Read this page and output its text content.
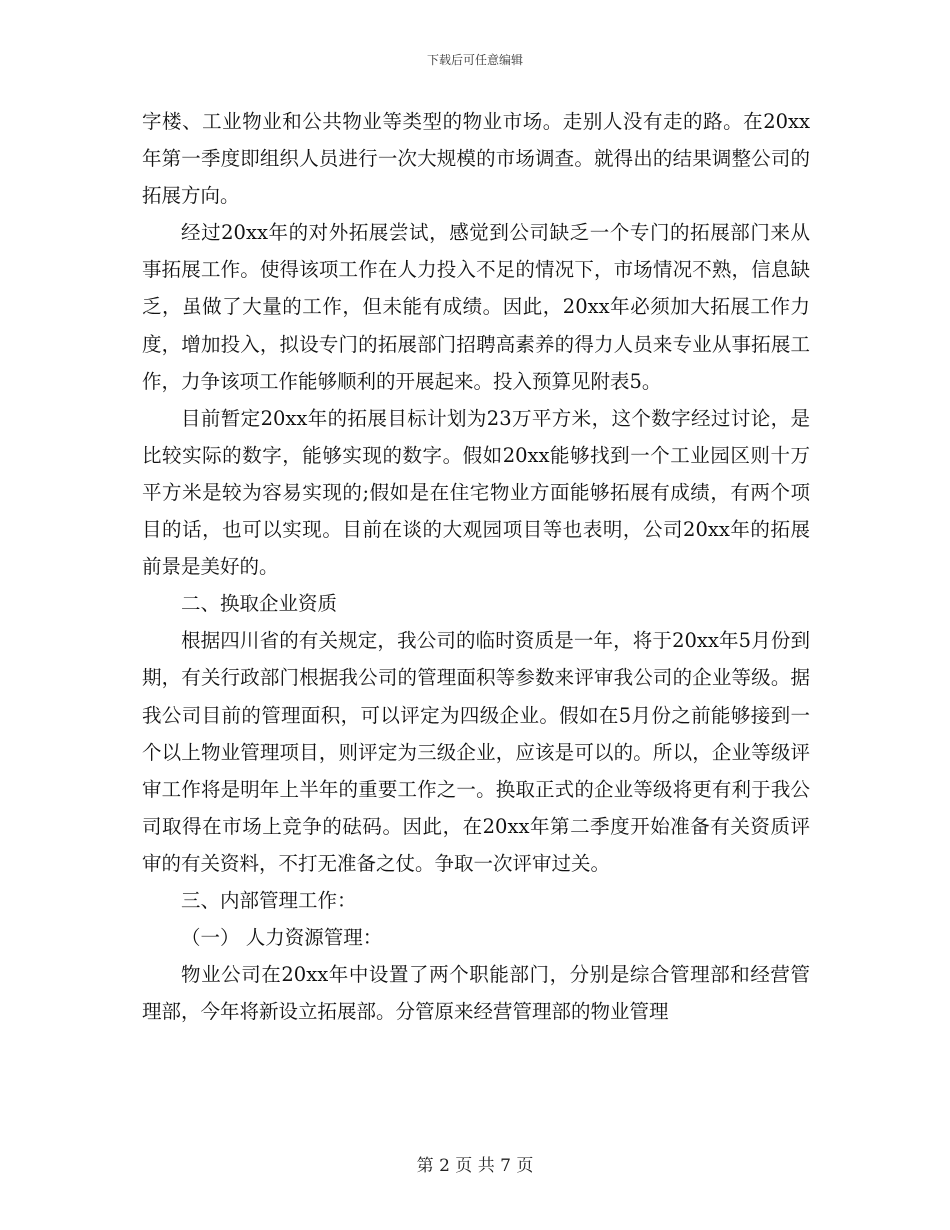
下载后可任意编辑

字楼、工业物业和公共物业等类型的物业市场。走别人没有走的路。在20xx年第一季度即组织人员进行一次大规模的市场调查。就得出的结果调整公司的拓展方向。

经过20xx年的对外拓展尝试，感觉到公司缺乏一个专门的拓展部门来从事拓展工作。使得该项工作在人力投入不足的情况下，市场情况不熟，信息缺乏，虽做了大量的工作，但未能有成绩。因此，20xx年必须加大拓展工作力度，增加投入，拟设专门的拓展部门招聘高素养的得力人员来专业从事拓展工作，力争该项工作能够顺利的开展起来。投入预算见附表5。

目前暂定20xx年的拓展目标计划为23万平方米，这个数字经过讨论，是比较实际的数字，能够实现的数字。假如20xx能够找到一个工业园区则十万平方米是较为容易实现的;假如是在住宅物业方面能够拓展有成绩，有两个项目的话，也可以实现。目前在谈的大观园项目等也表明，公司20xx年的拓展前景是美好的。

二、换取企业资质

根据四川省的有关规定，我公司的临时资质是一年，将于20xx年5月份到期，有关行政部门根据我公司的管理面积等参数来评审我公司的企业等级。据我公司目前的管理面积，可以评定为四级企业。假如在5月份之前能够接到一个以上物业管理项目，则评定为三级企业，应该是可以的。所以，企业等级评审工作将是明年上半年的重要工作之一。换取正式的企业等级将更有利于我公司取得在市场上竞争的砝码。因此，在20xx年第二季度开始准备有关资质评审的有关资料，不打无准备之仗。争取一次评审过关。

三、内部管理工作：

（一） 人力资源管理：

物业公司在20xx年中设置了两个职能部门，分别是综合管理部和经营管理部，今年将新设立拓展部。分管原来经营管理部的物业管理

第 2 页 共 7 页
